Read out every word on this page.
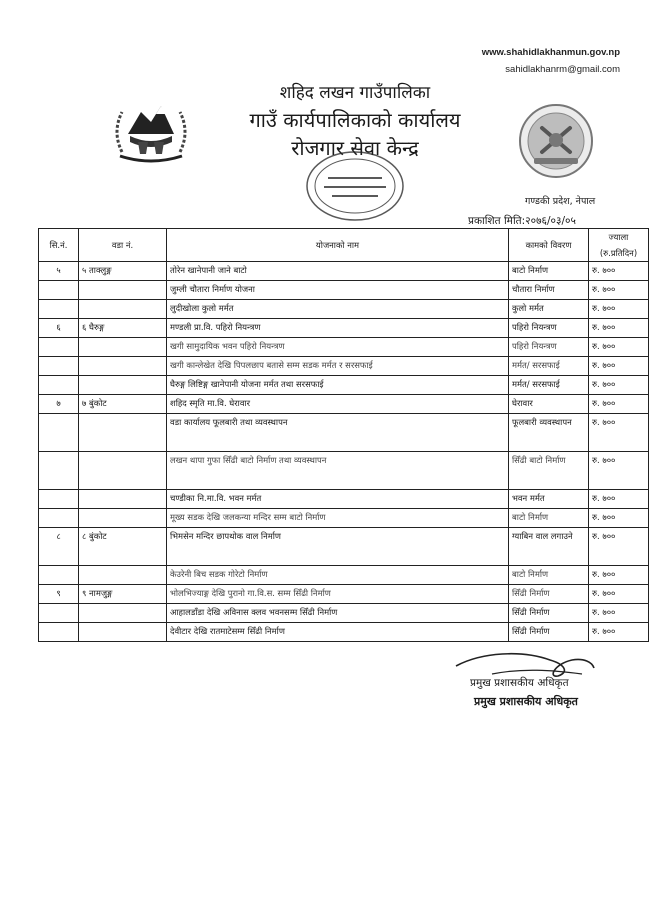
www.shahidlakhanmun.gov.np
sahidlakhanrm@gmail.com
शहिद लखन गाउँपालिका
गाउँ कार्यपालिकाको कार्यालय
रोजगार सेवा केन्द्र
गण्डकी प्रदेश, नेपाल
प्रकाशित मिति:२०७६/०३/०५
सि.नं.	वडा नं.	योजनाको नाम	कामको विवरण	ज्याला
(रु.प्रतिदिन)

५	५ ताक्लुङ्ग	तोरेन खानेपानी जाने बाटो	बाटो निर्माण	रु. ७००
		जुम्ली चौतारा निर्माण योजना	चौतारा निर्माण	रु. ७००
		लुदीखोला कुलो मर्मत	कुलो मर्मत	रु. ७००
६	६ घैरुङ्ग	मण्डली प्रा.वि. पहिरो नियन्त्रण	पहिरो नियन्त्रण	रु. ७००
		खगी सामुदायिक भवन पहिरो नियन्त्रण	पहिरो नियन्त्रण	रु. ७००
		खगी कान्लेखेत देखि पिपलछाप बतासे सम्म सडक मर्मत र सरसफाई	मर्मत/ सरसफाई	रु. ७००
		घैरुङ्ग लिष्टिङ्ग खानेपानी योजना मर्मत तथा सरसफाई	मर्मत/ सरसफाई	रु. ७००
७	७ बुंकोट	शहिद स्मृति मा.वि. घेरावार	घेरावार	रु. ७००
		वडा कार्यालय फूलबारी तथा व्यवस्थापन	फूलबारी व्यवस्थापन	रु. ७००
		लखन थापा गुफा सिँढी बाटो निर्माण तथा व्यवस्थापन	सिँढी बाटो निर्माण	रु. ७००
		चण्डीका नि.मा.वि. भवन मर्मत	भवन मर्मत	रु. ७००
		मूख्य सडक देखि जलकन्या मन्दिर सम्म बाटो निर्माण	बाटो निर्माण	रु. ७००
८	८ बुंकोट	भिमसेन मन्दिर छापथोक वाल निर्माण	ग्याबिन वाल लगाउने	रु. ७००
		केउरेनी बिच सडक गोरेटो निर्माण	बाटो निर्माण	रु. ७००
९	९ नामजुङ्ग	भोलभिज्याङ्ग देखि पुरानो गा.वि.स. सम्म सिँढी निर्माण	सिँढी निर्माण	रु. ७००
		आहालडाँडा देखि अविनास क्लव भवनसम्म सिँढी निर्माण	सिँढी निर्माण	रु. ७००
		देवीटार देखि रातमाटेसम्म सिँढी निर्माण	सिँढी निर्माण	रु. ७००
प्रमुख प्रशासकीय अधिकृत
प्रमुख प्रशासकीय अधिकृत
